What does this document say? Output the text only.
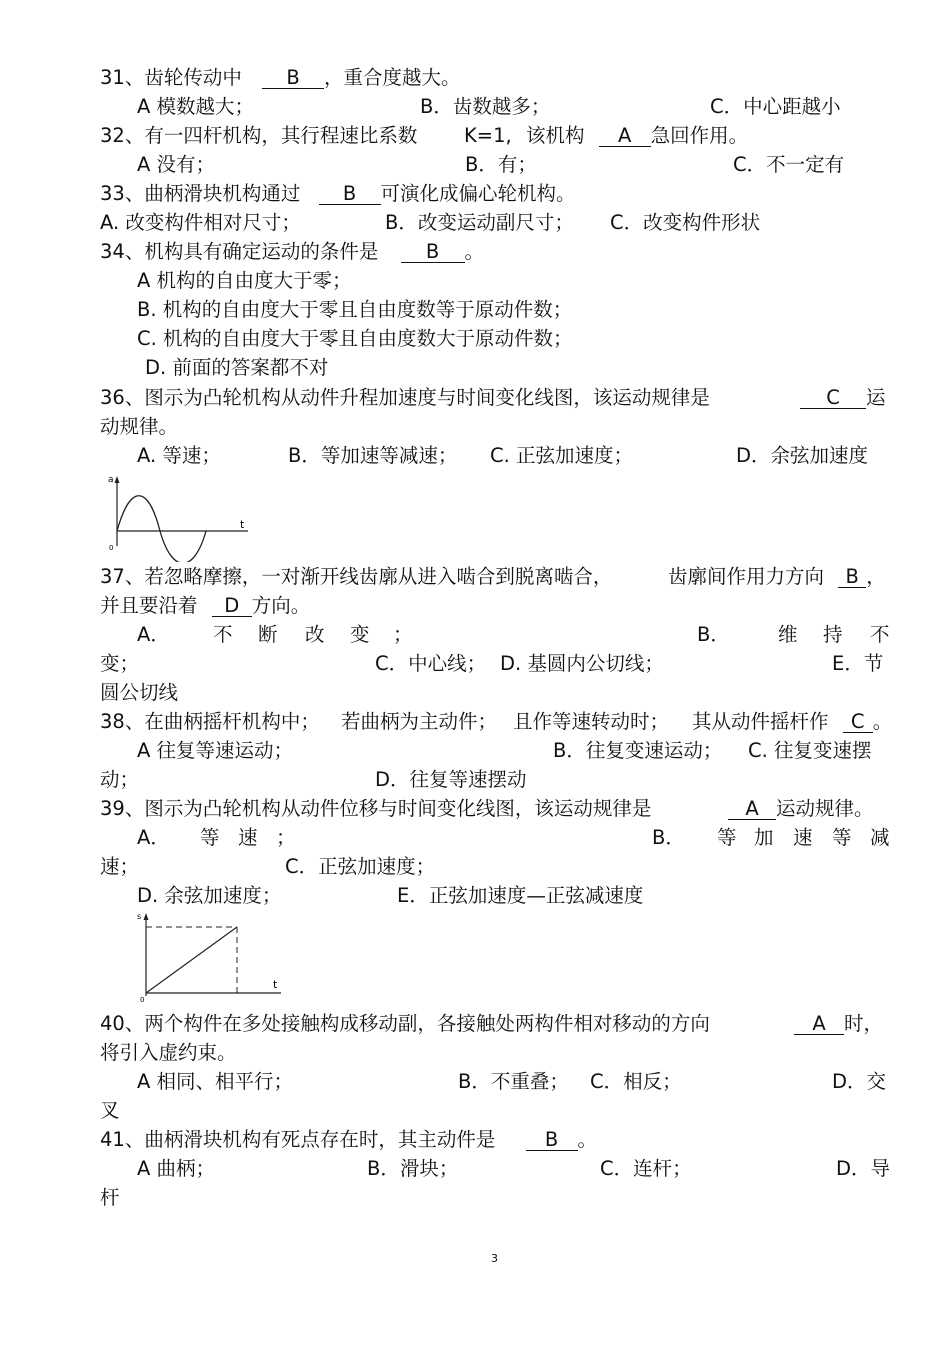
31、齿轮传动中 B ，重合度越大。
A 模数越大；	B．齿数越多；	C．中心距越小
32、有一四杆机构，其行程速比系数 K=1, 该机构 A 急回作用。
A 没有；	B．有；	C．不一定有
33、曲柄滑块机构通过 B 可演化成偏心轮机构。
A. 改变构件相对尺寸；	B．改变运动副尺寸； C．改变构件形状
34、机构具有确定运动的条件是 B 。
A 机构的自由度大于零；
B. 机构的自由度大于零且自由度数等于原动件数；
C. 机构的自由度大于零且自由度数大于原动件数；
D. 前面的答案都不对
36、图示为凸轮机构从动件升程加速度与时间变化线图，该运动规律是	C 运
动规律。
A. 等速；	B．等加速等减速； C. 正弦加速度；	D．余弦加速度
a
t
0
37、若忽略摩擦，一对渐开线齿廓从进入啮合到脱离啮合，	齿廓间作用力方向 B ，
并且要沿着 D 方向。
A． 不 断 改 变 ；	B． 维 持 不
变；	C．中心线； D. 基圆内公切线；	E．节
圆公切线
38、在曲柄摇杆机构中； 若曲柄为主动件； 且作等速转动时； 其从动件摇杆作 C 。
A 往复等速运动；	B．往复变速运动； C. 往复变速摆
动；	D．往复等速摆动
39、图示为凸轮机构从动件位移与时间变化线图，该运动规律是	A 运动规律。
A． 等 速 ；	B． 等 加 速 等 减
速；	C．正弦加速度；
D. 余弦加速度；	E．正弦加速度—正弦减速度
s
t
0
40、两个构件在多处接触构成移动副，各接触处两构件相对移动的方向	A 时，
将引入虚约束。
A 相同、相平行；	B．不重叠； C．相反；	D．交
叉
41、曲柄滑块机构有死点存在时，其主动件是	B 。
A 曲柄；	B．滑块；	C．连杆；	D．导
杆
3
